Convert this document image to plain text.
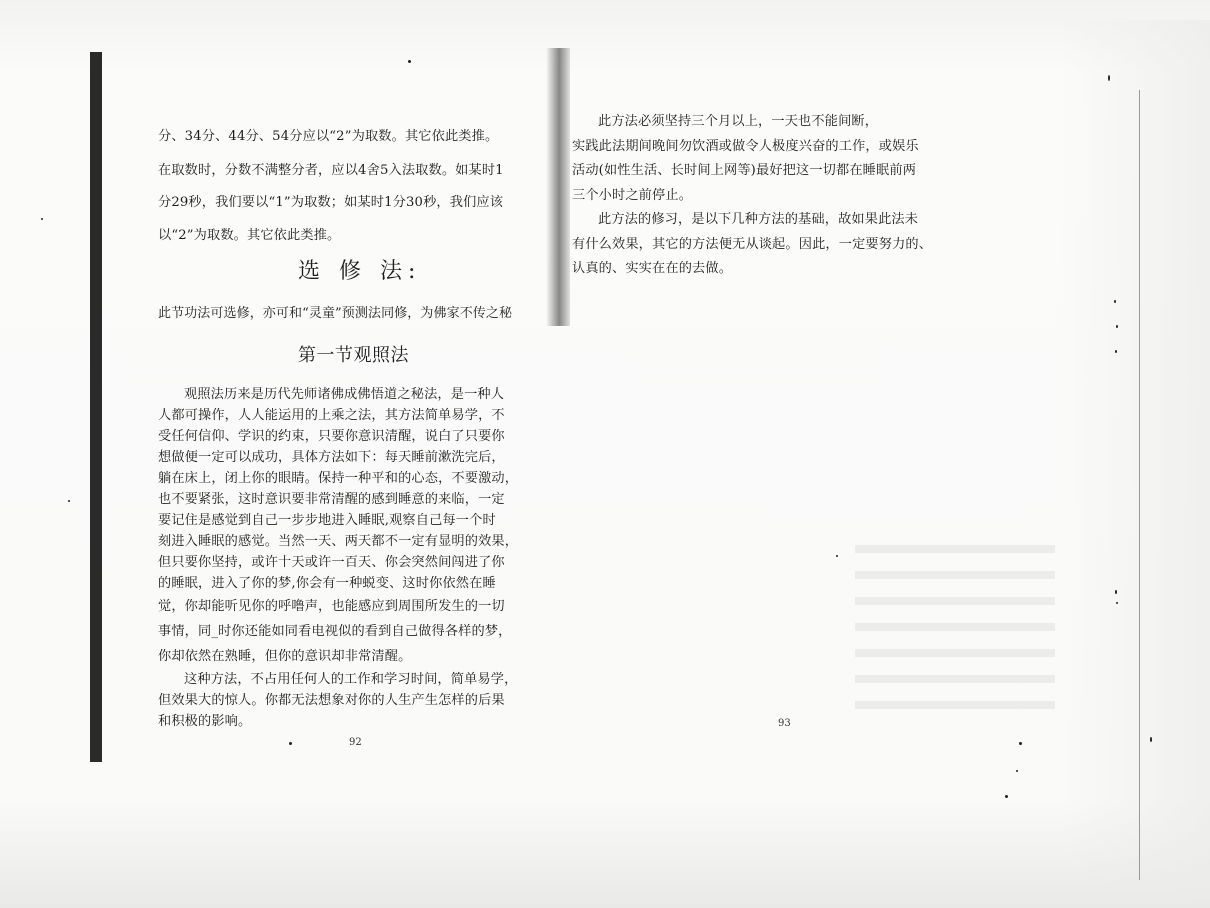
分、34分、44分、54分应以“2”为取数。其它依此类推。

在取数时，分数不满整分者，应以4舍5入法取数。如某时1

分29秒，我们要以“1”为取数；如某时1分30秒，我们应该

以“2”为取数。其它依此类推。

选 修 法:
此节功法可选修，亦可和“灵童”预测法同修，为佛家不传之秘
第一节观照法

观照法历来是历代先师诸佛成佛悟道之秘法，是一种人

人都可操作，人人能运用的上乘之法，其方法简单易学，不

受任何信仰、学识的约束，只要你意识清醒，说白了只要你

想做便一定可以成功，具体方法如下：每天睡前漱洗完后，

躺在床上，闭上你的眼睛。保持一种平和的心态，不要激动，

也不要紧张，这时意识要非常清醒的感到睡意的来临，一定

要记住是感觉到自己一步步地进入睡眠,观察自己每一个时

刻进入睡眠的感觉。当然一天、两天都不一定有显明的效果，

但只要你坚持，或许十天或许一百天、你会突然间闯进了你

的睡眠，进入了你的梦,你会有一种蜕变、这时你依然在睡

觉，你却能听见你的呼噜声，也能感应到周围所发生的一切

事情，同_时你还能如同看电视似的看到自己做得各样的梦，

你却依然在熟睡，但你的意识却非常清醒。

这种方法，不占用任何人的工作和学习时间，简单易学，

但效果大的惊人。你都无法想象对你的人生产生怎样的后果

和积极的影响。

92

此方法必须坚持三个月以上，一天也不能间断，

实践此法期间晚间勿饮酒或做令人极度兴奋的工作，或娱乐

活动(如性生活、长时间上网等)最好把这一切都在睡眠前两

三个小时之前停止。

此方法的修习，是以下几种方法的基础，故如果此法未

有什么效果，其它的方法便无从谈起。因此，一定要努力的、

认真的、实实在在的去做。

93
